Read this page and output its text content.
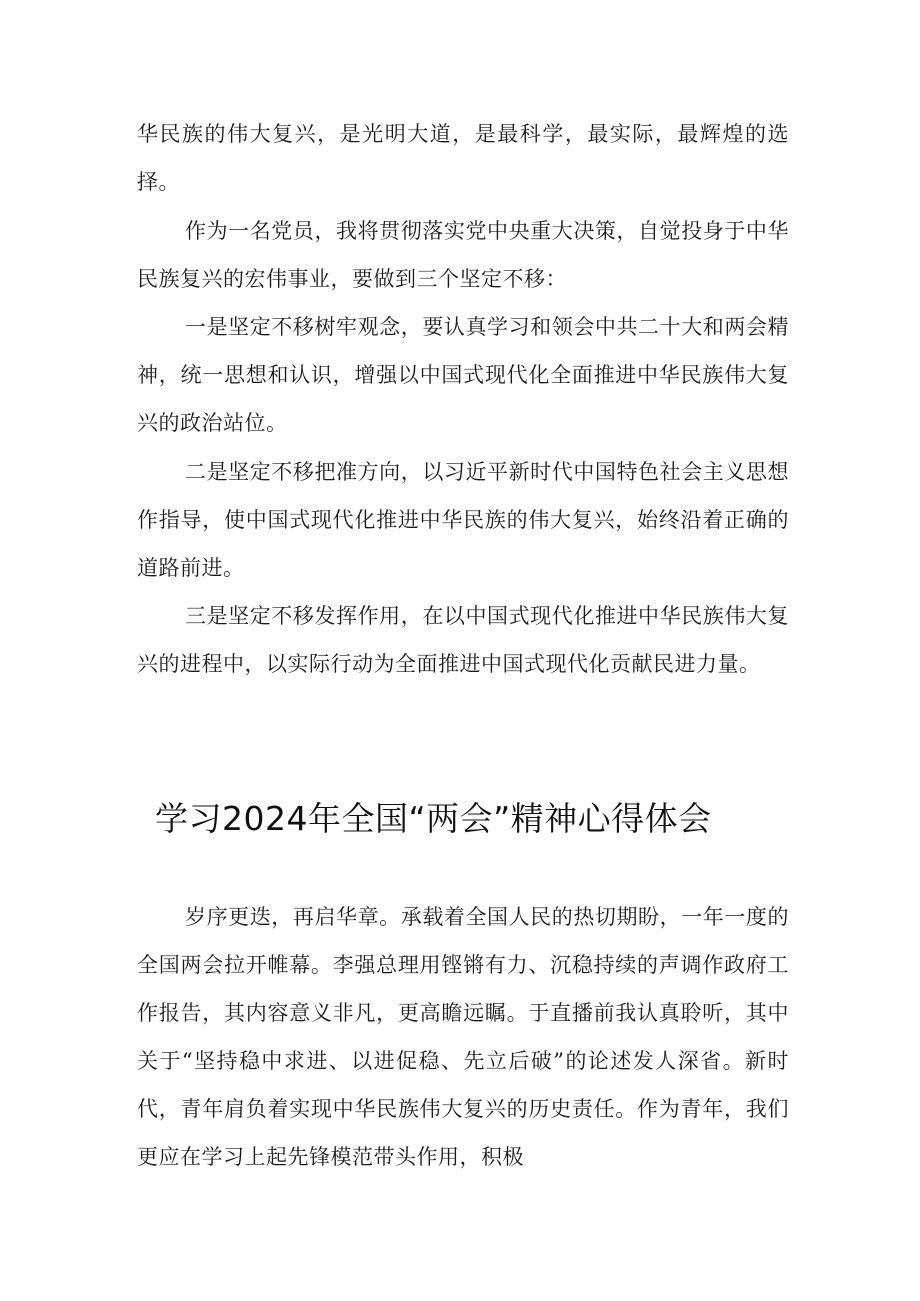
华民族的伟大复兴，是光明大道，是最科学，最实际，最辉煌的选择。

作为一名党员，我将贯彻落实党中央重大决策，自觉投身于中华民族复兴的宏伟事业，要做到三个坚定不移：

一是坚定不移树牢观念，要认真学习和领会中共二十大和两会精神，统一思想和认识，增强以中国式现代化全面推进中华民族伟大复兴的政治站位。

二是坚定不移把准方向，以习近平新时代中国特色社会主义思想作指导，使中国式现代化推进中华民族的伟大复兴，始终沿着正确的道路前进。

三是坚定不移发挥作用，在以中国式现代化推进中华民族伟大复兴的进程中，以实际行动为全面推进中国式现代化贡献民进力量。

学习2024年全国“两会”精神心得体会

岁序更迭，再启华章。承载着全国人民的热切期盼，一年一度的全国两会拉开帷幕。李强总理用铿锵有力、沉稳持续的声调作政府工作报告，其内容意义非凡，更高瞻远瞩。于直播前我认真聆听，其中关于“坚持稳中求进、以进促稳、先立后破”的论述发人深省。新时代，青年肩负着实现中华民族伟大复兴的历史责任。作为青年，我们更应在学习上起先锋模范带头作用，积极
